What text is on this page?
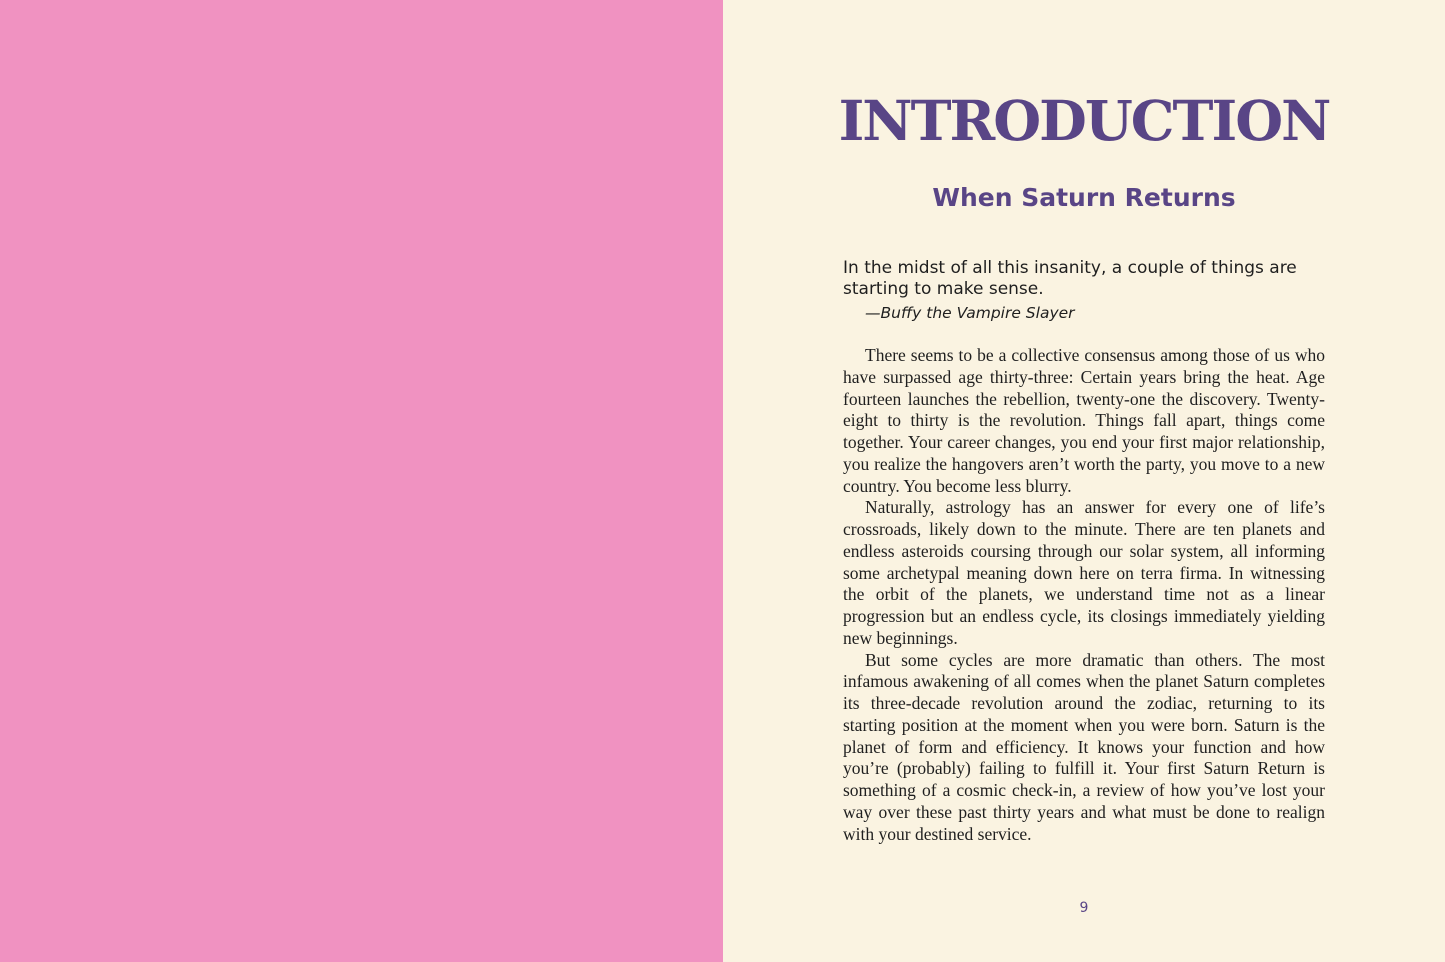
INTRODUCTION
When Saturn Returns

In the midst of all this insanity, a couple of things are starting to make sense.

—Buffy the Vampire Slayer

There seems to be a collective consensus among those of us who have surpassed age thirty-three: Certain years bring the heat. Age fourteen launches the rebellion, twenty-one the discovery. Twenty-eight to thirty is the revolution. Things fall apart, things come together. Your career changes, you end your first major relationship, you realize the hangovers aren’t worth the party, you move to a new country. You become less blurry.

Naturally, astrology has an answer for every one of life’s crossroads, likely down to the minute. There are ten planets and endless asteroids coursing through our solar system, all informing some archetypal meaning down here on terra firma. In witnessing the orbit of the planets, we understand time not as a linear progression but an endless cycle, its closings immediately yielding new beginnings.

But some cycles are more dramatic than others. The most infamous awakening of all comes when the planet Saturn completes its three-decade revolution around the zodiac, returning to its starting position at the moment when you were born. Saturn is the planet of form and efficiency. It knows your function and how you’re (probably) failing to fulfill it. Your first Saturn Return is something of a cosmic check-in, a review of how you’ve lost your way over these past thirty years and what must be done to realign with your destined service.

9
